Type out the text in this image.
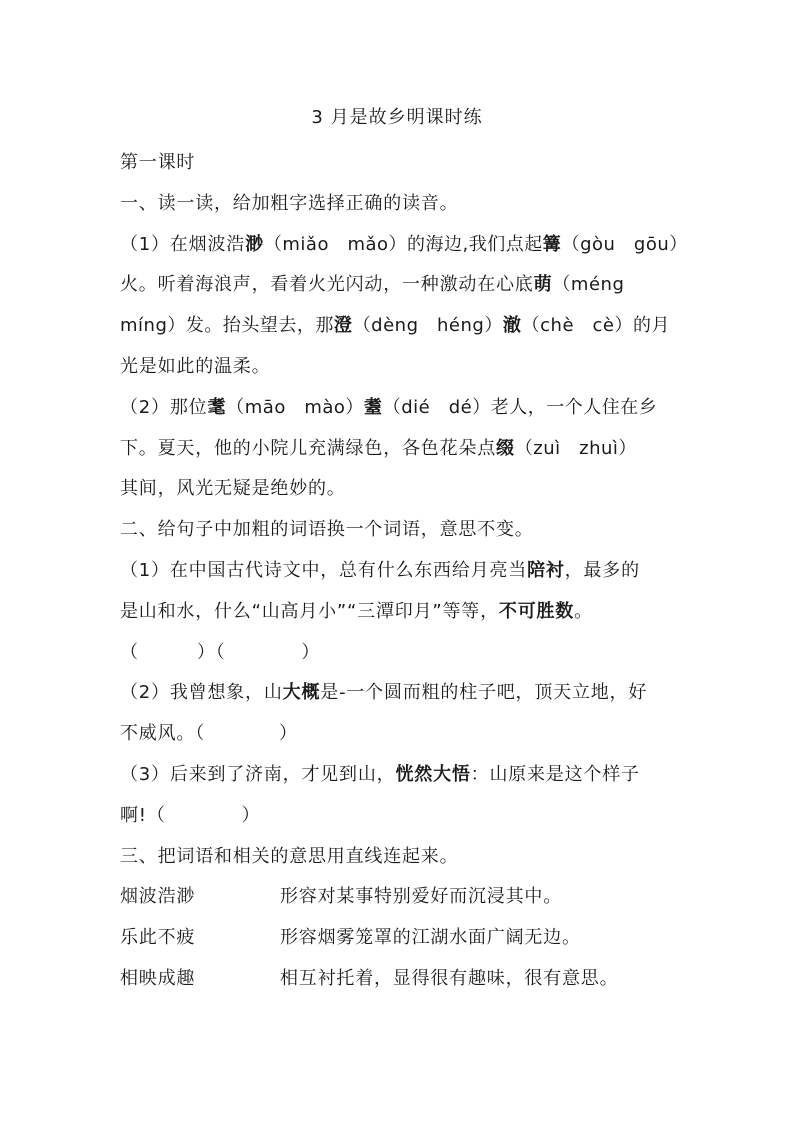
3 月是故乡明课时练
第一课时
一、读一读，给加粗字选择正确的读音。
（1）在烟波浩渺（miǎo　mǎo）的海边,我们点起篝（gòu　gōu）
火。听着海浪声，看着火光闪动，一种激动在心底萌（méng
míng）发。抬头望去，那澄（dèng　héng）澈（chè　cè）的月
光是如此的温柔。
（2）那位耄（māo　mào）耋（dié　dé）老人，一个人住在乡
下。夏天，他的小院儿充满绿色，各色花朵点缀（zuì　zhuì）
其间，风光无疑是绝妙的。
二、给句子中加粗的词语换一个词语，意思不变。
（1）在中国古代诗文中，总有什么东西给月亮当陪衬，最多的
是山和水，什么“山高月小”“三潭印月”等等，不可胜数。
（	）（	）
（2）我曾想象，山大概是-一个圆而粗的柱子吧，顶天立地，好
不威风。（	）
（3）后来到了济南，才见到山，恍然大悟：山原来是这个样子
啊!（	）
三、把词语和相关的意思用直线连起来。
烟波浩渺	形容对某事特别爱好而沉浸其中。
乐此不疲	形容烟雾笼罩的江湖水面广阔无边。
相映成趣	相互衬托着，显得很有趣味，很有意思。
